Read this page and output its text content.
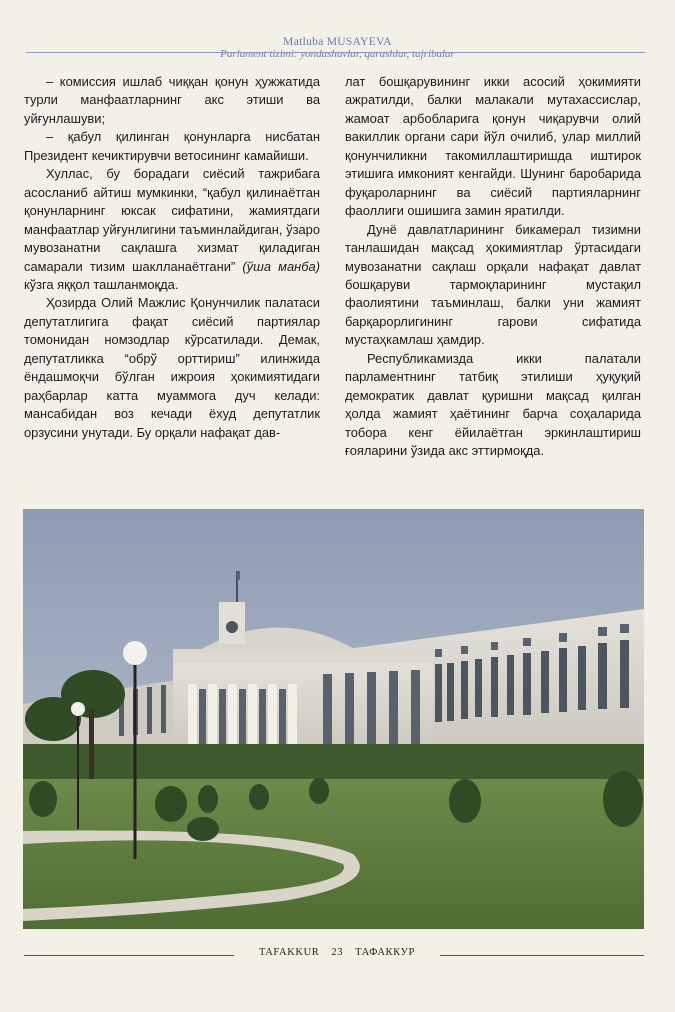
Matluba MUSAYEVA
Parlament tizimi: yondashuvlar, qarashlar, tajribalar

– комиссия ишлаб чиққан қонун ҳужжатида турли манфаатларнинг акс этиши ва уйғунлашуви;

– қабул қилинган қонунларга нисбатан Президент кечиктирувчи ветосининг камайиши.

Хуллас, бу борадаги сиёсий тажрибага асосланиб айтиш мумкинки, “қабул қилинаётган қонунларнинг юксак сифатини, жамиятдаги манфаатлар уйғунлигини таъминлайдиган, ўзаро мувозанатни сақлашга хизмат қиладиган самарали тизим шаклланаётгани” (ўша манба) кўзга яққол ташланмоқда.

Ҳозирда Олий Мажлис Қонунчилик палатаси депутатлигига фақат сиёсий партиялар томонидан номзодлар кўрсатилади. Демак, депутатликка “обрў орттириш” илинжида ёндашмоқчи бўлган ижроия ҳокимиятидаги раҳбарлар катта муаммога дуч келади: мансабидан воз кечади ёхуд депутатлик орзусини унутади. Бу орқали нафақат дав-

лат бошқарувининг икки асосий ҳокимияти ажратилди, балки малакали мутахассислар, жамоат арбобларига қонун чиқарувчи олий вакиллик органи сари йўл очилиб, улар миллий қонунчиликни такомиллаштиришда иштирок этишига имконият кенгайди. Шунинг баробарида фуқароларнинг ва сиёсий партияларнинг фаоллиги ошишига замин яратилди.

Дунё давлатларининг бикамерал тизимни танлашидан мақсад ҳокимиятлар ўртасидаги мувозанатни сақлаш орқали нафақат давлат бошқаруви тармоқларининг мустақил фаолиятини таъминлаш, балки уни жамият барқарорлигининг гарови сифатида мустаҳкамлаш ҳамдир.

Республикамизда икки палатали парламентнинг татбиқ этилиши ҳуқуқий демократик давлат қуришни мақсад қилган ҳолда жамият ҳаётининг барча соҳаларида тобора кенг ёйилаётган эркинлаштириш ғояларини ўзида акс эттирмоқда.

TAFAKKUR 23 ТАФАККУР
